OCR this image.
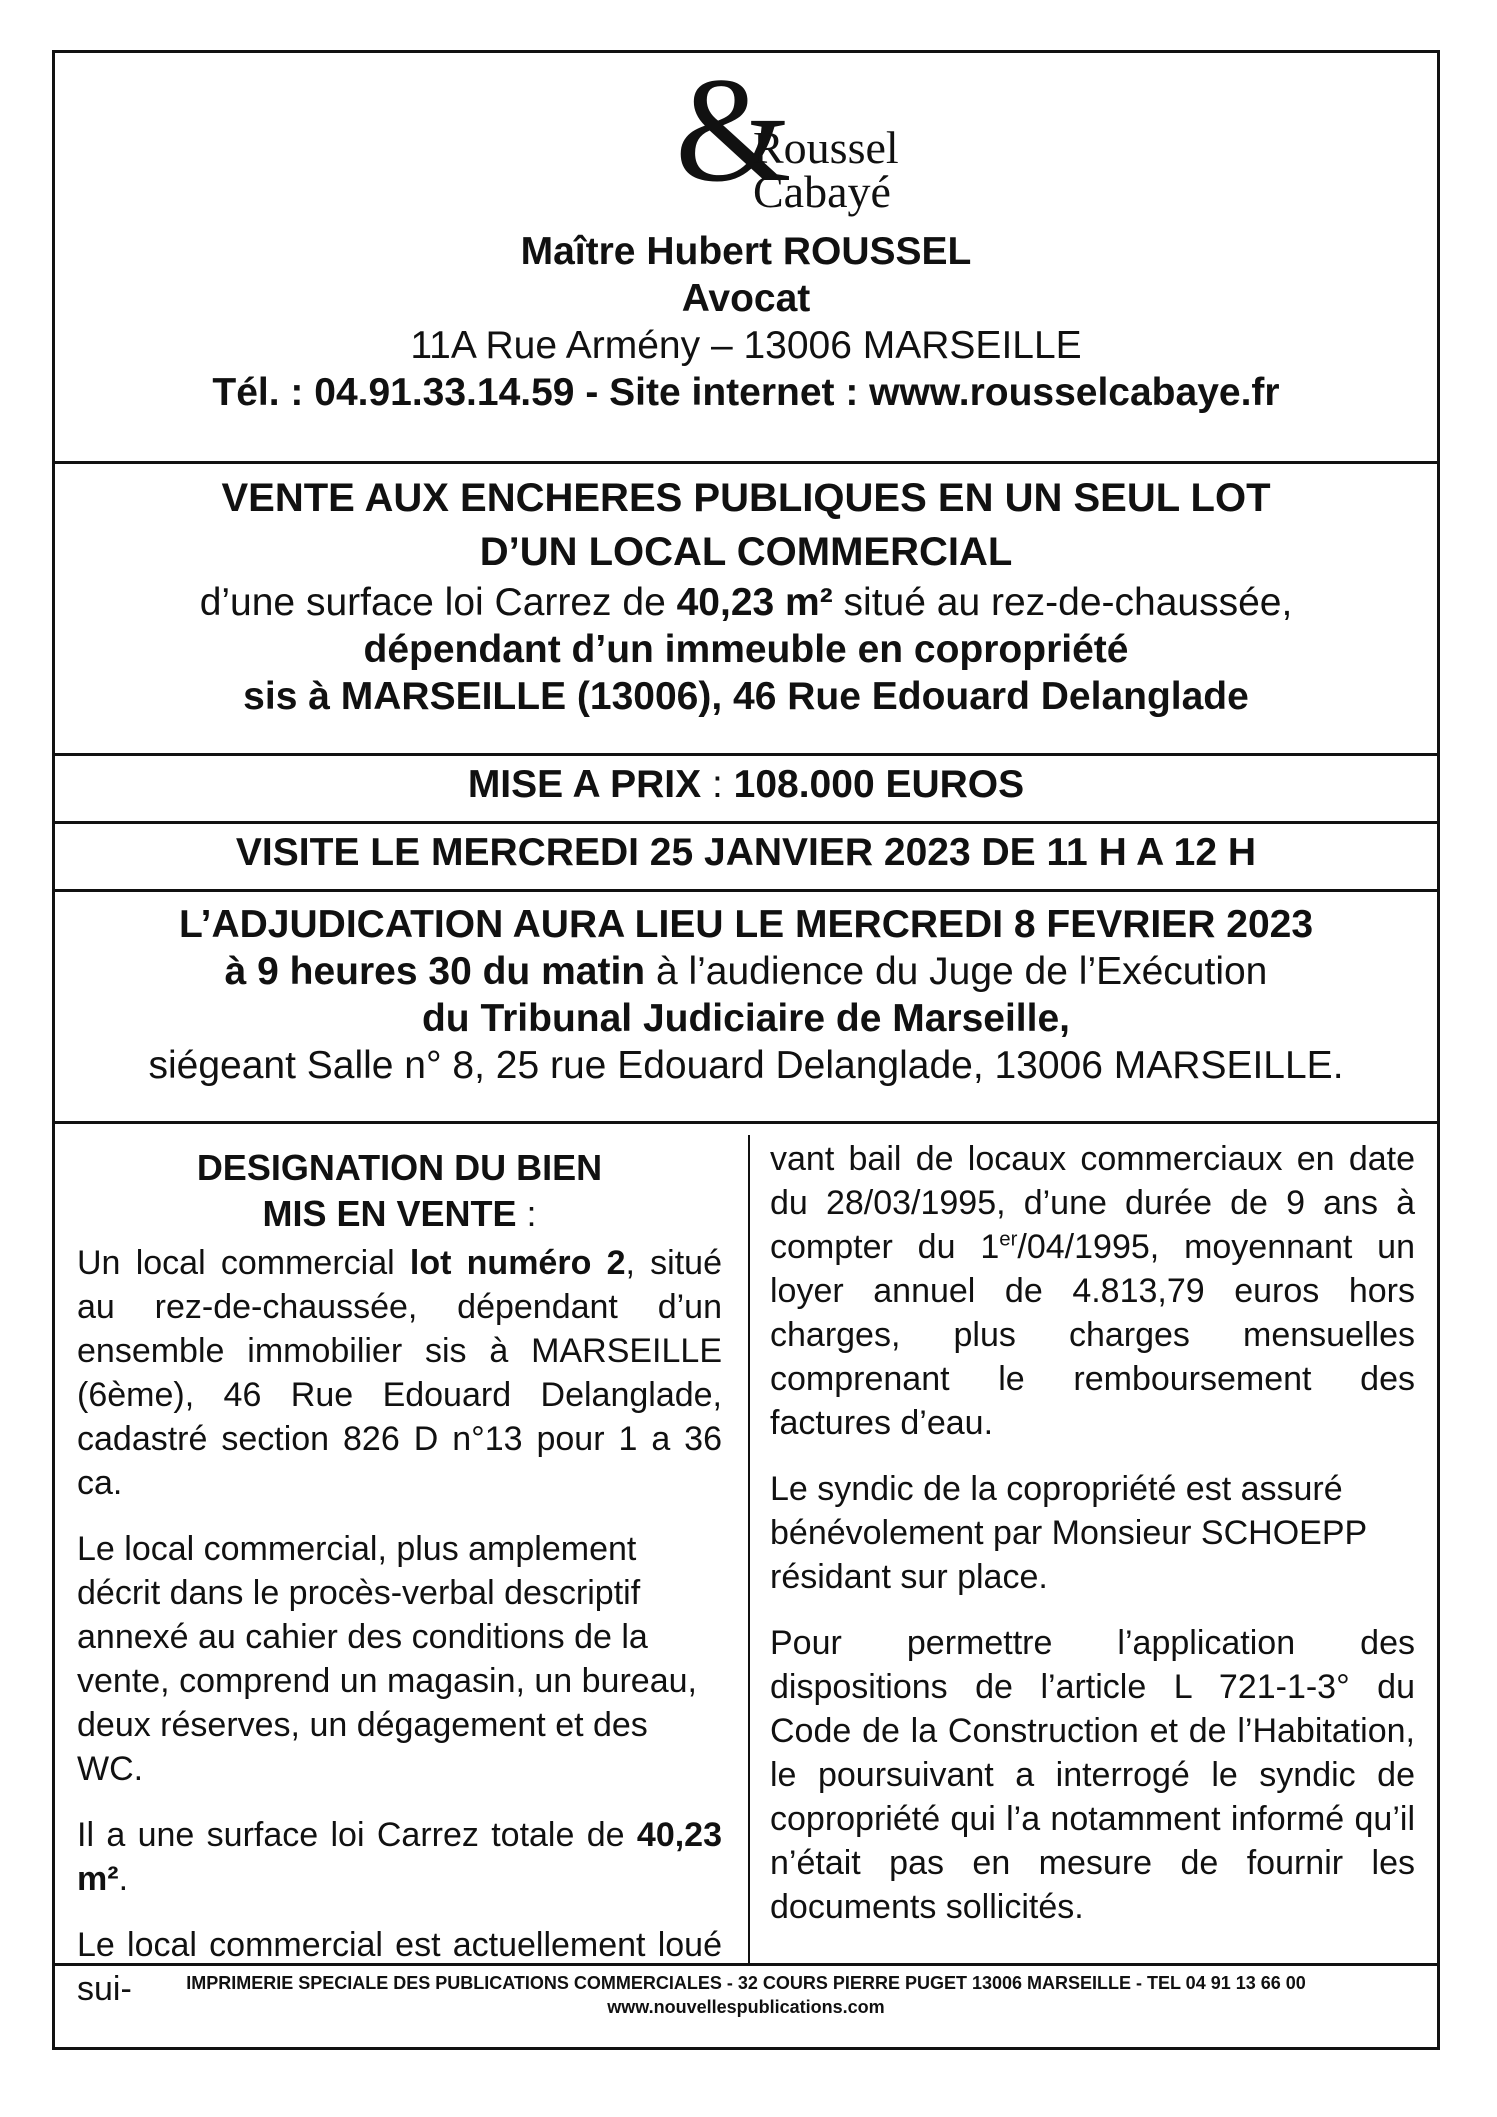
&
Roussel
Cabayé
Maître Hubert ROUSSEL
Avocat
11A Rue Armény – 13006 MARSEILLE
Tél. : 04.91.33.14.59 - Site internet : www.rousselcabaye.fr
VENTE AUX ENCHERES PUBLIQUES EN UN SEUL LOT
D’UN LOCAL COMMERCIAL
d’une surface loi Carrez de 40,23 m² situé au rez-de-chaussée,
dépendant d’un immeuble en copropriété
sis à MARSEILLE (13006), 46 Rue Edouard Delanglade
MISE A PRIX : 108.000 EUROS
VISITE LE MERCREDI 25 JANVIER 2023 DE 11 H A 12 H
L’ADJUDICATION AURA LIEU LE MERCREDI 8 FEVRIER 2023
à 9 heures 30 du matin à l’audience du Juge de l’Exécution
du Tribunal Judiciaire de Marseille,
siégeant Salle n° 8, 25 rue Edouard Delanglade, 13006 MARSEILLE.
DESIGNATION DU BIEN
MIS EN VENTE :

Un local commercial lot numéro 2, situé au rez-de-chaussée, dépendant d’un ensemble immobilier sis à MARSEILLE (6ème), 46 Rue Edouard Delanglade, cadastré section 826 D n°13 pour 1 a 36 ca.

Le local commercial, plus amplement décrit dans le procès-verbal descriptif annexé au cahier des conditions de la vente, comprend un magasin, un bureau, deux réserves, un dégagement et des WC.

Il a une surface loi Carrez totale de 40,23 m².

Le local commercial est actuellement loué sui-

vant bail de locaux commerciaux en date du 28/03/1995, d’une durée de 9 ans à compter du 1er/04/1995, moyennant un loyer annuel de 4.813,79 euros hors charges, plus charges mensuelles comprenant le remboursement des factures d’eau.

Le syndic de la copropriété est assuré bénévolement par Monsieur SCHOEPP résidant sur place.

Pour permettre l’application des dispositions de l’article L 721-1-3° du Code de la Construction et de l’Habitation, le poursuivant a interrogé le syndic de copropriété qui l’a notamment informé qu’il n’était pas en mesure de fournir les documents sollicités.

IMPRIMERIE SPECIALE DES PUBLICATIONS COMMERCIALES - 32 COURS PIERRE PUGET 13006 MARSEILLE - TEL 04 91 13 66 00
www.nouvellespublications.com
